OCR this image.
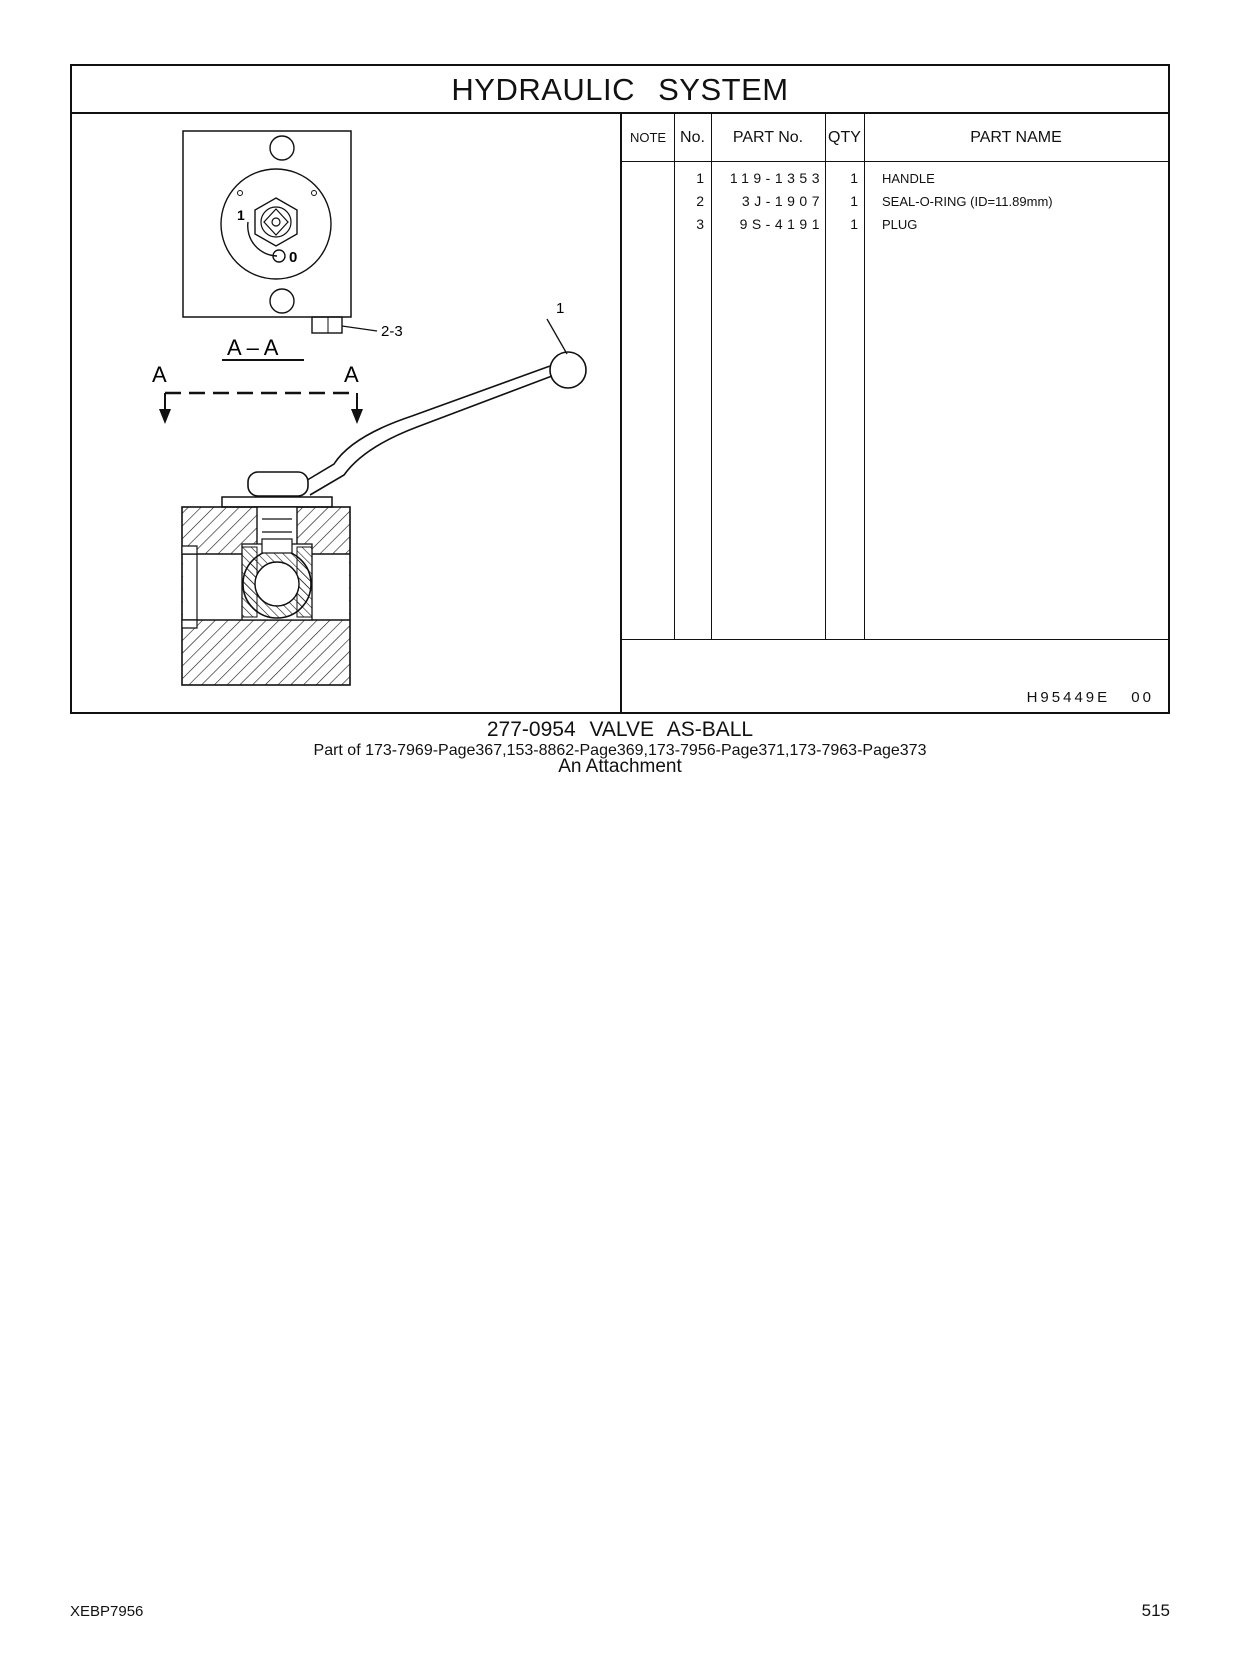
HYDRAULIC SYSTEM
1
0
2-3
A – A
A	A
1
NOTE No.	PART No.	QTY	PART NAME
1	119-1353	1 HANDLE
2	3J-1907	1 SEAL-O-RING (ID=11.89mm)
3	9S-4191	1 PLUG
H95449E 00
277-0954 VALVE AS-BALL
Part of 173-7969-Page367,153-8862-Page369,173-7956-Page371,173-7963-Page373
An Attachment
XEBP7956	515
